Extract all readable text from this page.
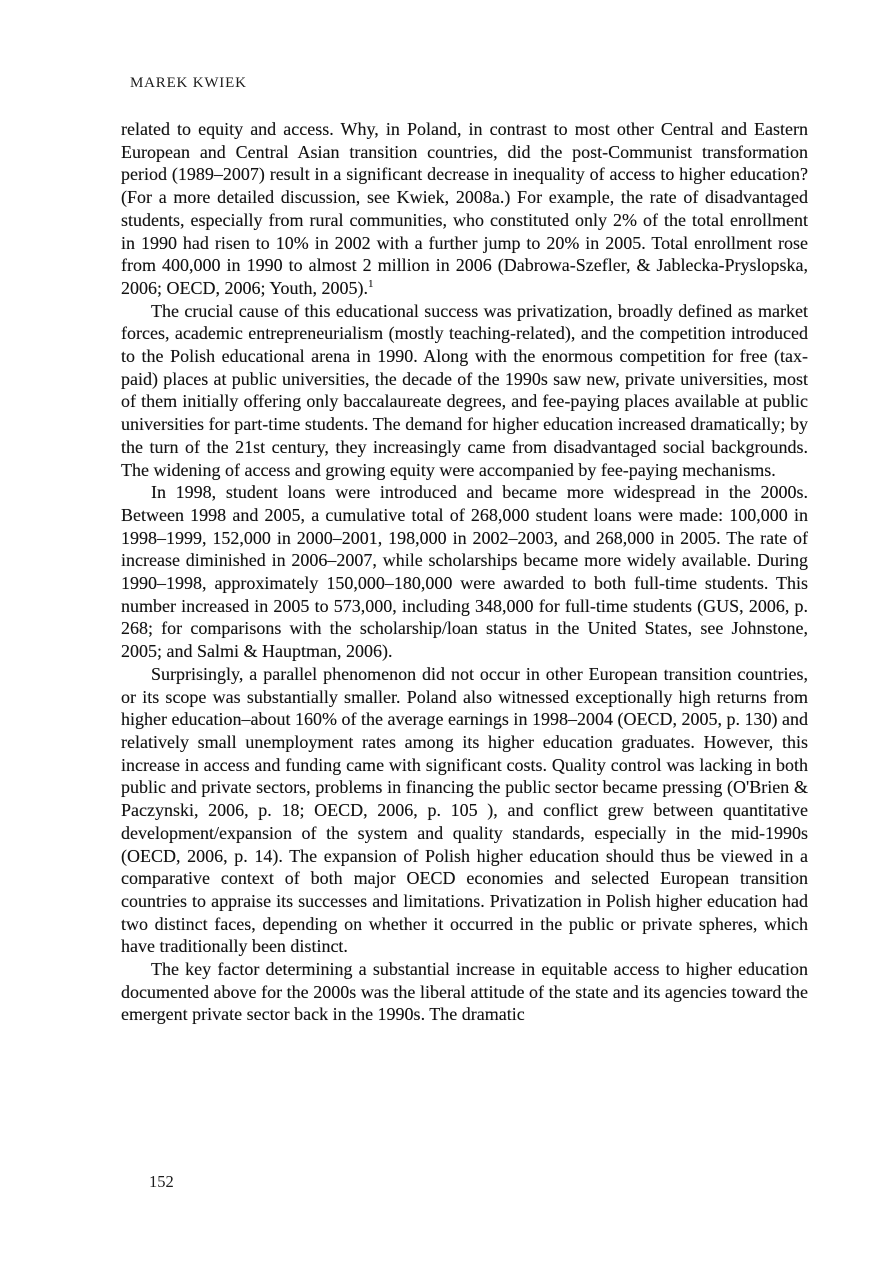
MAREK KWIEK

related to equity and access. Why, in Poland, in contrast to most other Central and Eastern European and Central Asian transition countries, did the post-Communist transformation period (1989–2007) result in a significant decrease in inequality of access to higher education? (For a more detailed discussion, see Kwiek, 2008a.) For example, the rate of disadvantaged students, especially from rural communities, who constituted only 2% of the total enrollment in 1990 had risen to 10% in 2002 with a further jump to 20% in 2005. Total enrollment rose from 400,000 in 1990 to almost 2 million in 2006 (Dabrowa-Szefler, & Jablecka-Pryslopska, 2006; OECD, 2006; Youth, 2005).$^1$

The crucial cause of this educational success was privatization, broadly defined as market forces, academic entrepreneurialism (mostly teaching-related), and the competition introduced to the Polish educational arena in 1990. Along with the enormous competition for free (tax-paid) places at public universities, the decade of the 1990s saw new, private universities, most of them initially offering only baccalaureate degrees, and fee-paying places available at public universities for part-time students. The demand for higher education increased dramatically; by the turn of the 21st century, they increasingly came from disadvantaged social backgrounds. The widening of access and growing equity were accompanied by fee-paying mechanisms.

In 1998, student loans were introduced and became more widespread in the 2000s. Between 1998 and 2005, a cumulative total of 268,000 student loans were made: 100,000 in 1998–1999, 152,000 in 2000–2001, 198,000 in 2002–2003, and 268,000 in 2005. The rate of increase diminished in 2006–2007, while scholarships became more widely available. During 1990–1998, approximately 150,000–180,000 were awarded to both full-time students. This number increased in 2005 to 573,000, including 348,000 for full-time students (GUS, 2006, p. 268; for comparisons with the scholarship/loan status in the United States, see Johnstone, 2005; and Salmi & Hauptman, 2006).

Surprisingly, a parallel phenomenon did not occur in other European transition countries, or its scope was substantially smaller. Poland also witnessed exceptionally high returns from higher education–about 160% of the average earnings in 1998–2004 (OECD, 2005, p. 130) and relatively small unemployment rates among its higher education graduates. However, this increase in access and funding came with significant costs. Quality control was lacking in both public and private sectors, problems in financing the public sector became pressing (O'Brien & Paczynski, 2006, p. 18; OECD, 2006, p. 105 ), and conflict grew between quantitative development/expansion of the system and quality standards, especially in the mid-1990s (OECD, 2006, p. 14). The expansion of Polish higher education should thus be viewed in a comparative context of both major OECD economies and selected European transition countries to appraise its successes and limitations. Privatization in Polish higher education had two distinct faces, depending on whether it occurred in the public or private spheres, which have traditionally been distinct.

The key factor determining a substantial increase in equitable access to higher education documented above for the 2000s was the liberal attitude of the state and its agencies toward the emergent private sector back in the 1990s. The dramatic

152
